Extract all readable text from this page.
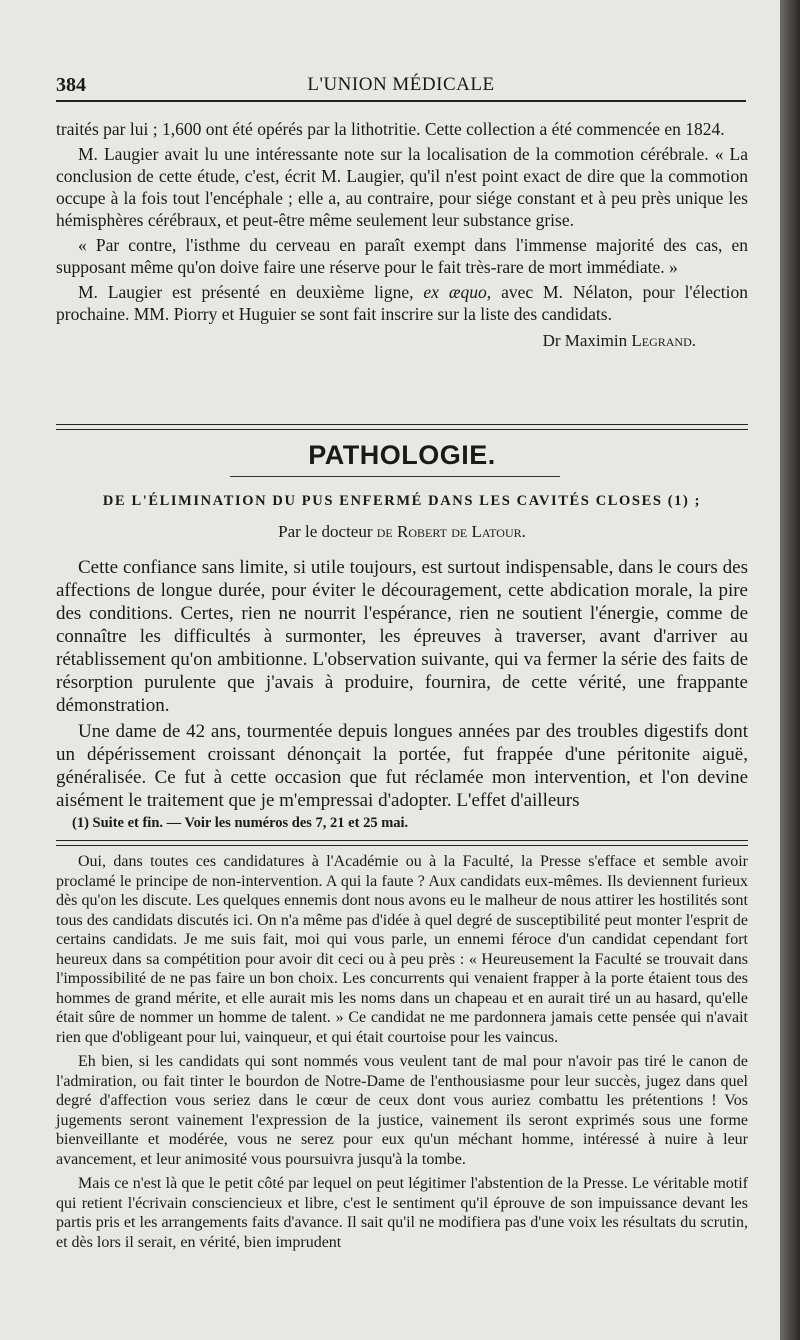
384	L'UNION MÉDICALE

traités par lui ; 1,600 ont été opérés par la lithotritie. Cette collection a été commencée en 1824.

M. Laugier avait lu une intéressante note sur la localisation de la commotion cérébrale. « La conclusion de cette étude, c'est, écrit M. Laugier, qu'il n'est point exact de dire que la commotion occupe à la fois tout l'encéphale ; elle a, au contraire, pour siége constant et à peu près unique les hémisphères cérébraux, et peut-être même seulement leur substance grise.

« Par contre, l'isthme du cerveau en paraît exempt dans l'immense majorité des cas, en supposant même qu'on doive faire une réserve pour le fait très-rare de mort immédiate. »

M. Laugier est présenté en deuxième ligne, ex æquo, avec M. Nélaton, pour l'élection prochaine. MM. Piorry et Huguier se sont fait inscrire sur la liste des candidats.

Dr Maximin Legrand.
PATHOLOGIE.
DE L'ÉLIMINATION DU PUS ENFERMÉ DANS LES CAVITÉS CLOSES (1) ;
Par le docteur de Robert de Latour.

Cette confiance sans limite, si utile toujours, est surtout indispensable, dans le cours des affections de longue durée, pour éviter le découragement, cette abdication morale, la pire des conditions. Certes, rien ne nourrit l'espérance, rien ne soutient l'énergie, comme de connaître les difficultés à surmonter, les épreuves à traverser, avant d'arriver au rétablissement qu'on ambitionne. L'observation suivante, qui va fermer la série des faits de résorption purulente que j'avais à produire, fournira, de cette vérité, une frappante démonstration.

Une dame de 42 ans, tourmentée depuis longues années par des troubles digestifs dont un dépérissement croissant dénonçait la portée, fut frappée d'une péritonite aiguë, généralisée. Ce fut à cette occasion que fut réclamée mon intervention, et l'on devine aisément le traitement que je m'empressai d'adopter. L'effet d'ailleurs

(1) Suite et fin. — Voir les numéros des 7, 21 et 25 mai.

Oui, dans toutes ces candidatures à l'Académie ou à la Faculté, la Presse s'efface et semble avoir proclamé le principe de non-intervention. A qui la faute ? Aux candidats eux-mêmes. Ils deviennent furieux dès qu'on les discute. Les quelques ennemis dont nous avons eu le malheur de nous attirer les hostilités sont tous des candidats discutés ici. On n'a même pas d'idée à quel degré de susceptibilité peut monter l'esprit de certains candidats. Je me suis fait, moi qui vous parle, un ennemi féroce d'un candidat cependant fort heureux dans sa compétition pour avoir dit ceci ou à peu près : « Heureusement la Faculté se trouvait dans l'impossibilité de ne pas faire un bon choix. Les concurrents qui venaient frapper à la porte étaient tous des hommes de grand mérite, et elle aurait mis les noms dans un chapeau et en aurait tiré un au hasard, qu'elle était sûre de nommer un homme de talent. » Ce candidat ne me pardonnera jamais cette pensée qui n'avait rien que d'obligeant pour lui, vainqueur, et qui était courtoise pour les vaincus.

Eh bien, si les candidats qui sont nommés vous veulent tant de mal pour n'avoir pas tiré le canon de l'admiration, ou fait tinter le bourdon de Notre-Dame de l'enthousiasme pour leur succès, jugez dans quel degré d'affection vous seriez dans le cœur de ceux dont vous auriez combattu les prétentions ! Vos jugements seront vainement l'expression de la justice, vainement ils seront exprimés sous une forme bienveillante et modérée, vous ne serez pour eux qu'un méchant homme, intéressé à nuire à leur avancement, et leur animosité vous poursuivra jusqu'à la tombe.

Mais ce n'est là que le petit côté par lequel on peut légitimer l'abstention de la Presse. Le véritable motif qui retient l'écrivain consciencieux et libre, c'est le sentiment qu'il éprouve de son impuissance devant les partis pris et les arrangements faits d'avance. Il sait qu'il ne modifiera pas d'une voix les résultats du scrutin, et dès lors il serait, en vérité, bien imprudent
